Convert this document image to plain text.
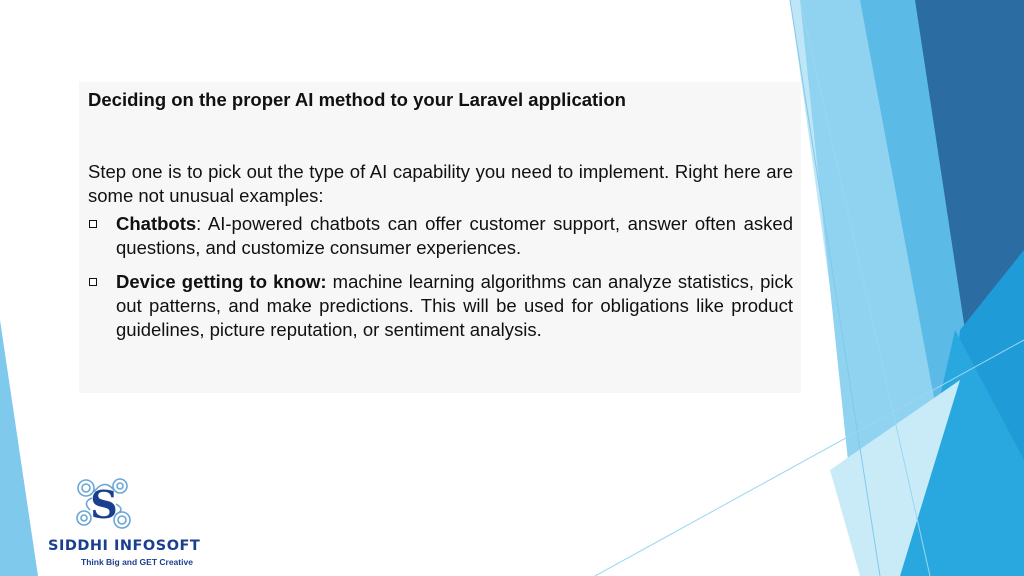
Deciding on the proper AI method to your Laravel application

Step one is to pick out the type of AI capability you need to implement. Right here are some not unusual examples:

Chatbots: AI-powered chatbots can offer customer support, answer often asked questions, and customize consumer experiences.
Device getting to know: machine learning algorithms can analyze statistics, pick out patterns, and make predictions. This will be used for obligations like product guidelines, picture reputation, or sentiment analysis.
S
SIDDHI INFOSOFT
Think Big and GET Creative
